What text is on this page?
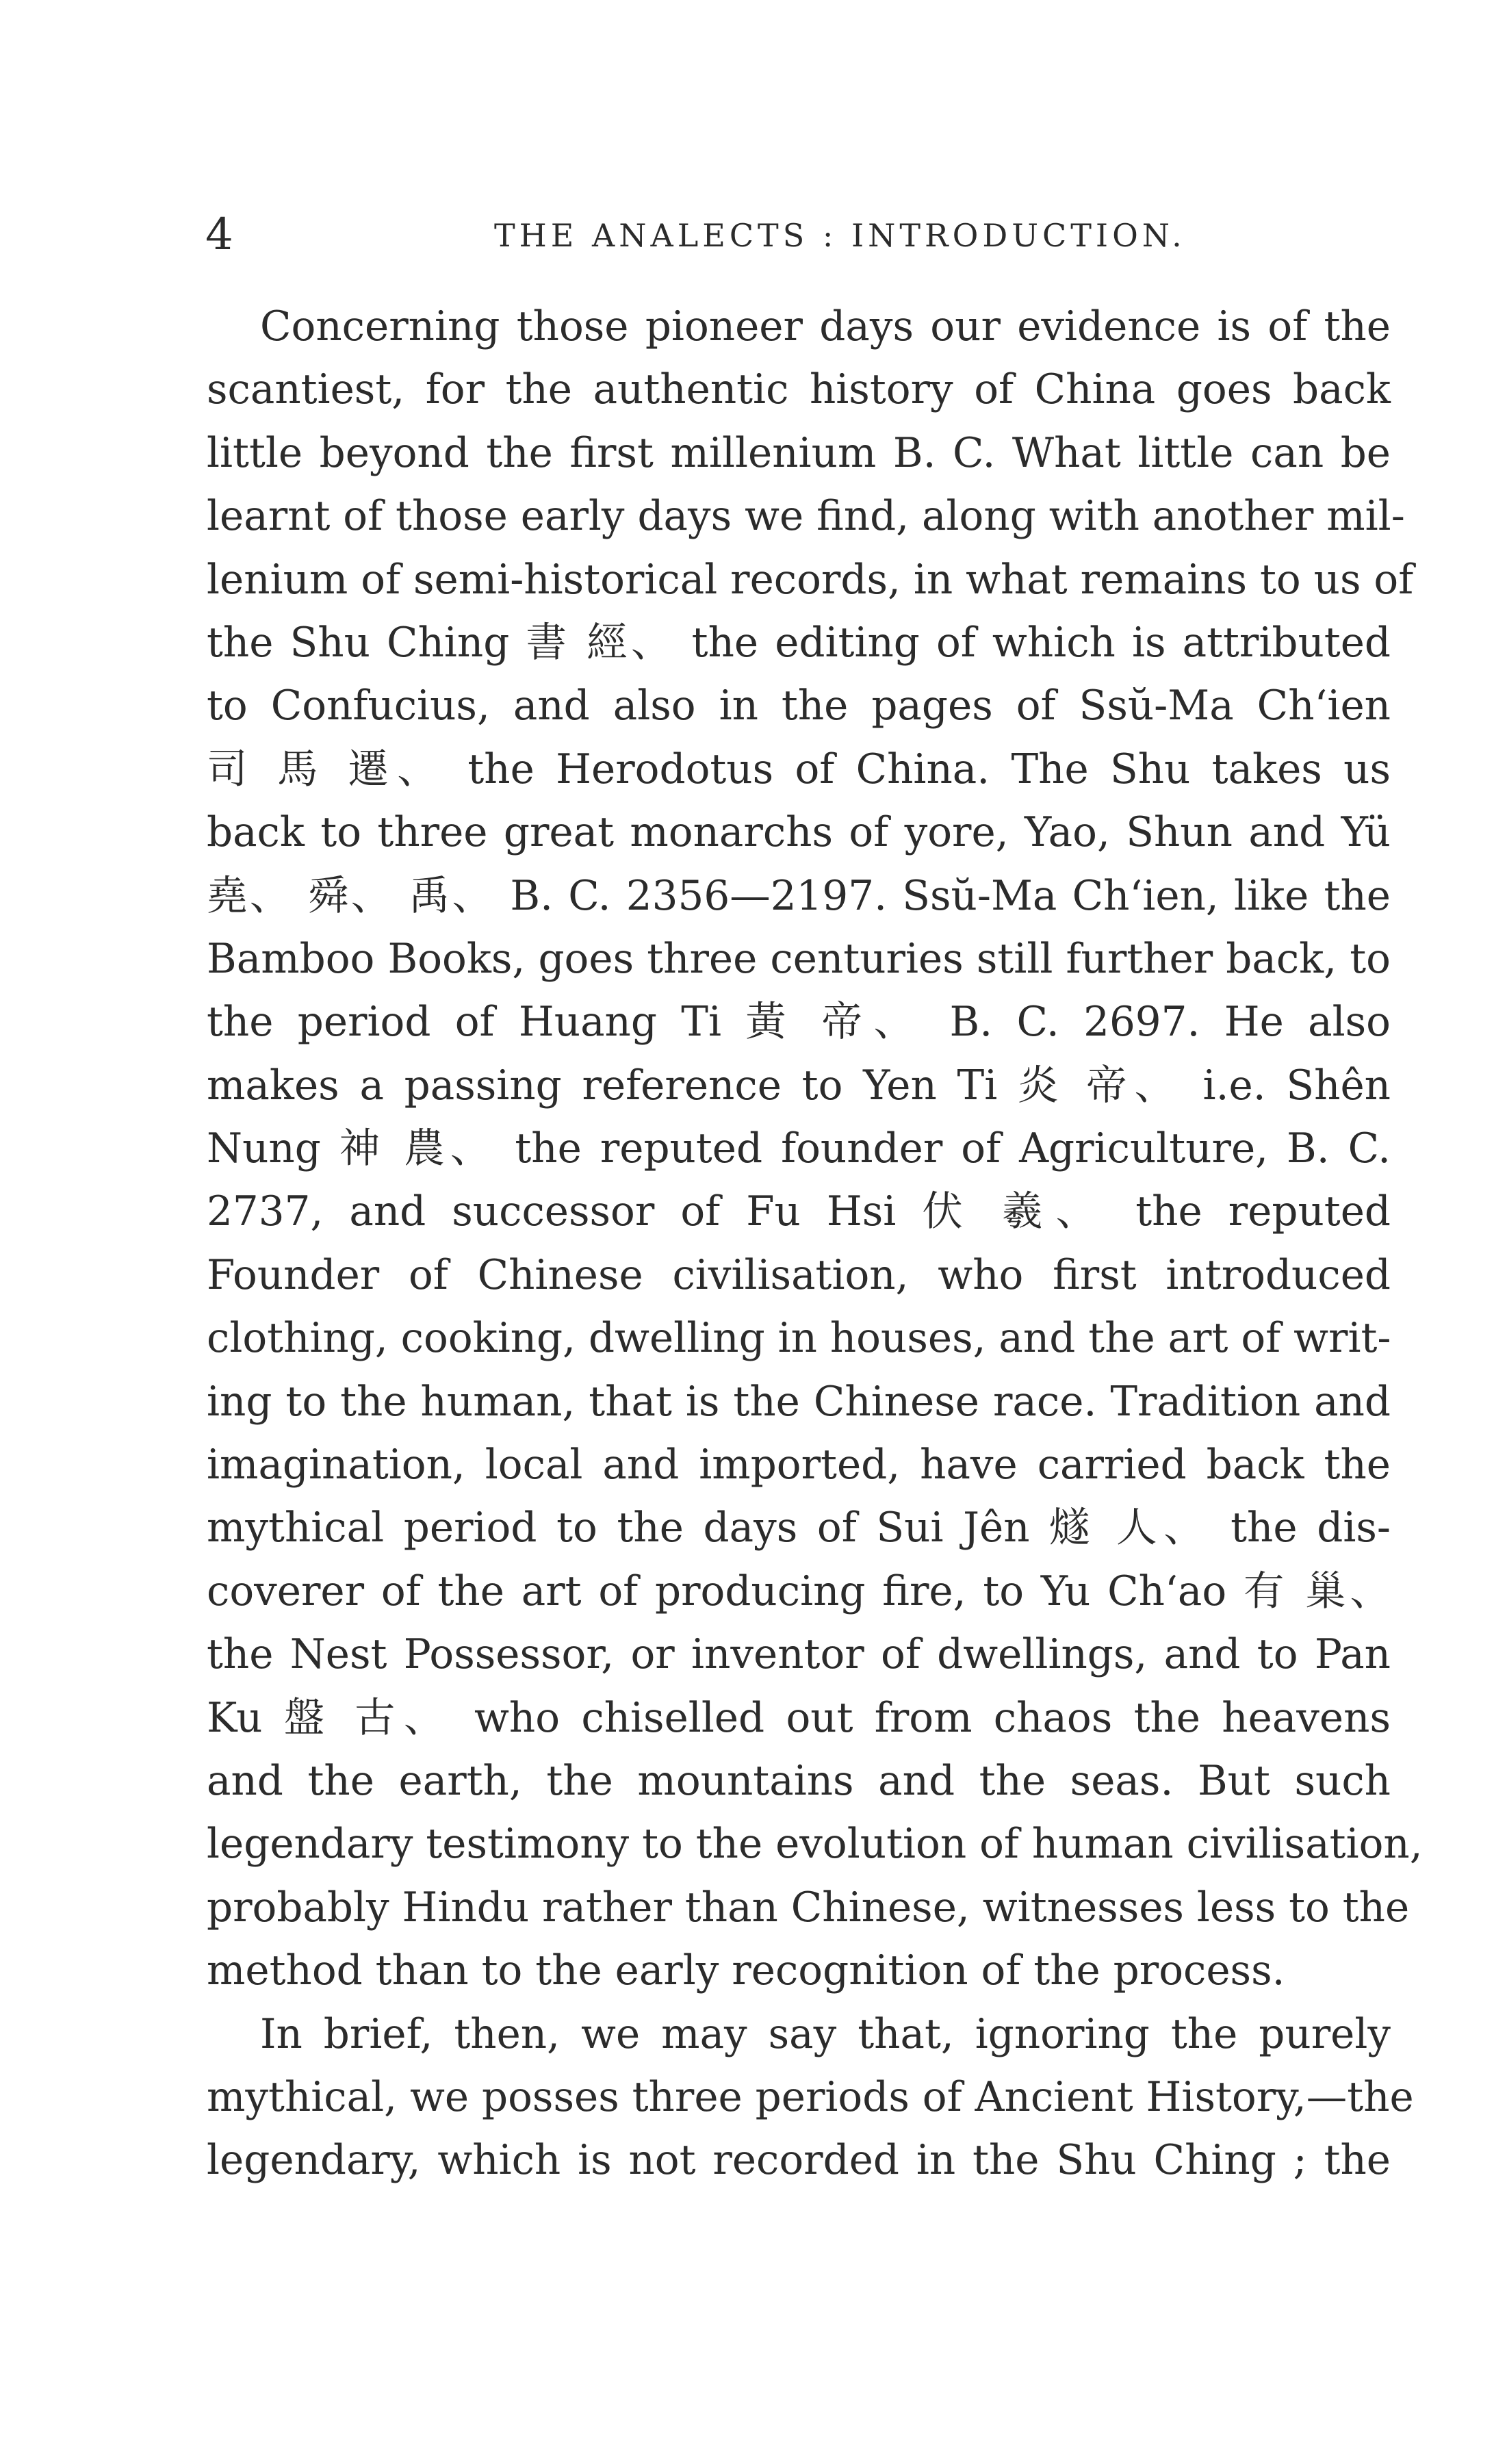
4	THE ANALECTS : INTRODUCTION.
Concerning those pioneer days our evidence is of the
scantiest, for the authentic history of China goes back
little beyond the first millenium B. C. What little can be
learnt of those early days we find, along with another mil-
lenium of semi-historical records, in what remains to us of
the Shu Ching 書 經、 the editing of which is attributed
to Confucius, and also in the pages of Ssŭ-Ma Ch‘ien
司 馬 遷、 the Herodotus of China. The Shu takes us
back to three great monarchs of yore, Yao, Shun and Yü
堯、 舜、 禹、 B. C. 2356—2197. Ssŭ-Ma Ch‘ien, like the
Bamboo Books, goes three centuries still further back, to
the period of Huang Ti 黃 帝、 B. C. 2697. He also
makes a passing reference to Yen Ti 炎 帝、 i.e. Shên
Nung 神 農、 the reputed founder of Agriculture, B. C.
2737, and successor of Fu Hsi 伏 羲、 the reputed
Founder of Chinese civilisation, who first introduced
clothing, cooking, dwelling in houses, and the art of writ-
ing to the human, that is the Chinese race. Tradition and
imagination, local and imported, have carried back the
mythical period to the days of Sui Jên 燧 人、 the dis-
coverer of the art of producing fire, to Yu Ch‘ao 有 巢、
the Nest Possessor, or inventor of dwellings, and to Pan
Ku 盤 古、 who chiselled out from chaos the heavens
and the earth, the mountains and the seas. But such
legendary testimony to the evolution of human civilisation,
probably Hindu rather than Chinese, witnesses less to the
method than to the early recognition of the process.
In brief, then, we may say that, ignoring the purely
mythical, we posses three periods of Ancient History,—the
legendary, which is not recorded in the Shu Ching ; the
